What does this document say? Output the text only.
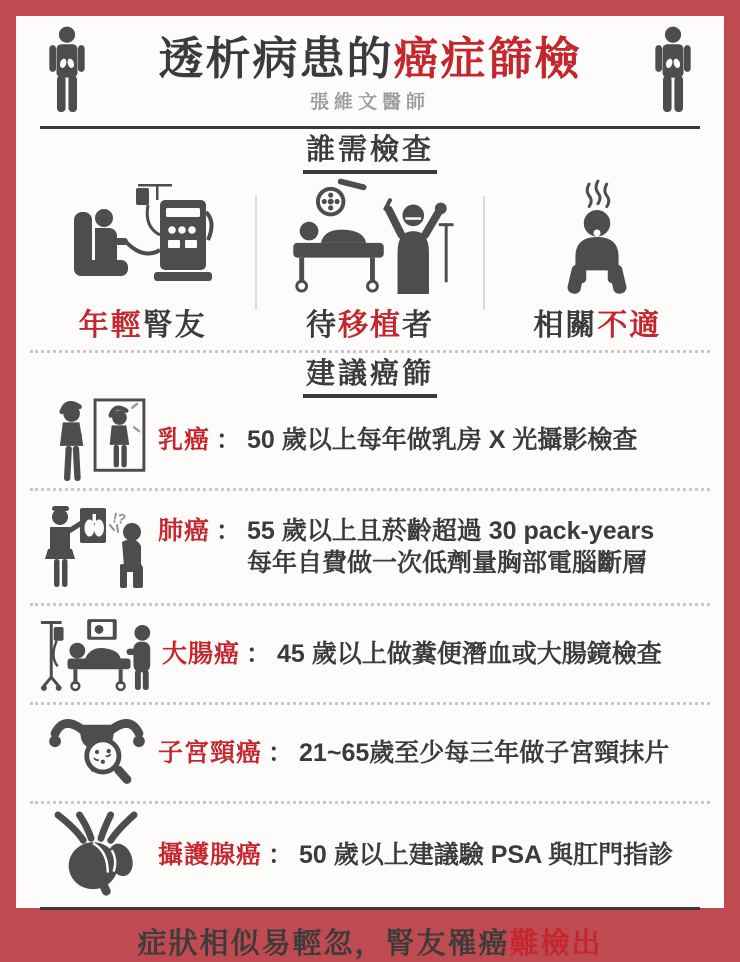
透析病患的癌症篩檢
張維文醫師
誰需檢查
年輕腎友	待移植者	相關不適
建議癌篩
乳癌 ： 50 歲以上每年做乳房 X 光攝影檢查
!? 肺癌 ： 55 歲以上且菸齡超過 30 pack-years
每年自費做一次低劑量胸部電腦斷層
大腸癌 ： 45 歲以上做糞便潛血或大腸鏡檢查
子宮頸癌 ： 21~65歲至少每三年做子宮頸抹片
攝護腺癌 ： 50 歲以上建議驗 PSA 與肛門指診
症狀相似易輕忽，腎友罹癌難檢出
